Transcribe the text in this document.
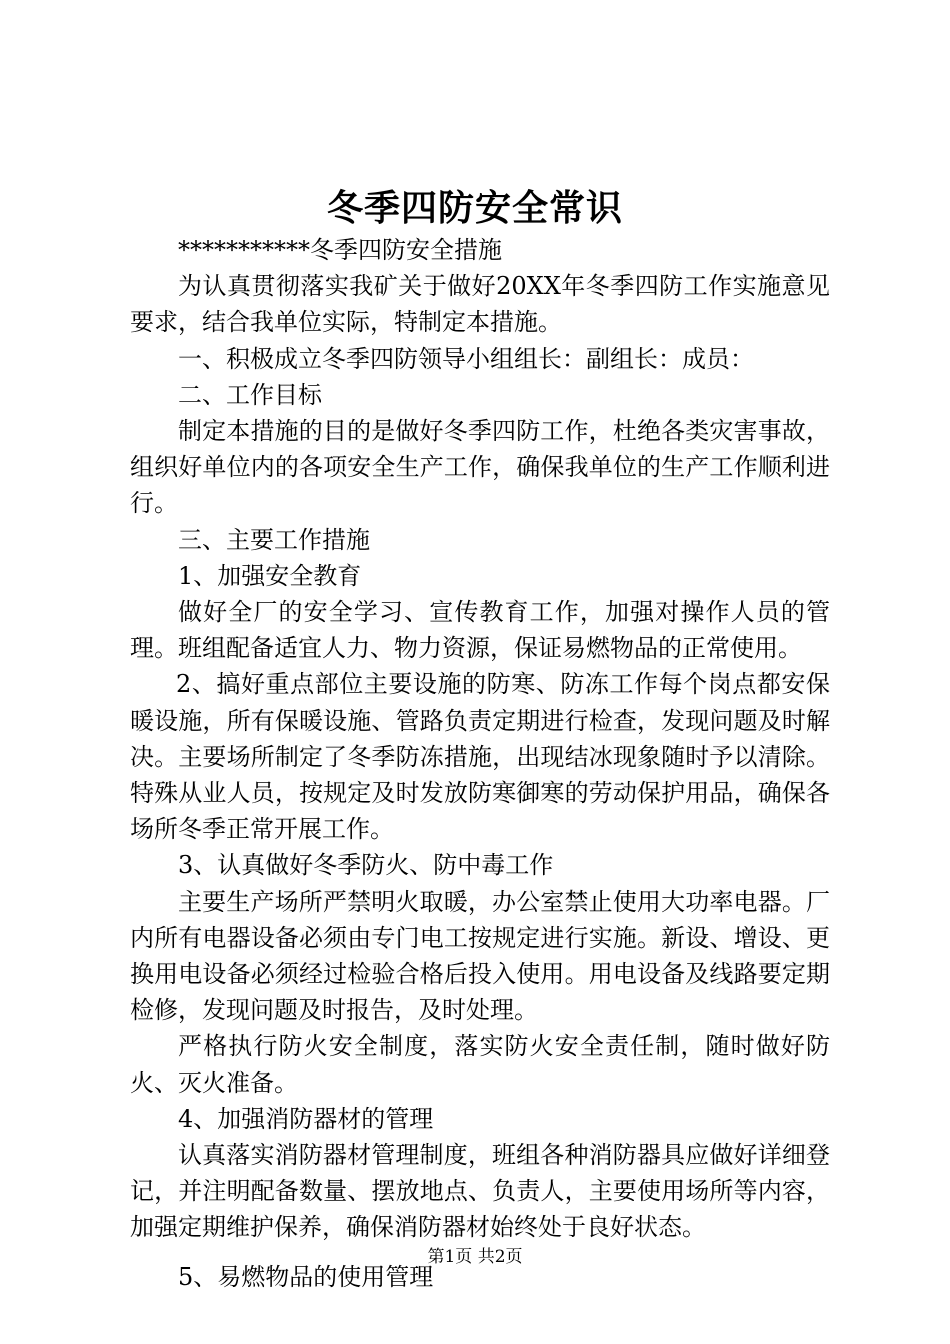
冬季四防安全常识

***********冬季四防安全措施

为认真贯彻落实我矿关于做好20XX年冬季四防工作实施意见要求，结合我单位实际，特制定本措施。

一、积极成立冬季四防领导小组组长：副组长：成员：

二、工作目标

制定本措施的目的是做好冬季四防工作，杜绝各类灾害事故，组织好单位内的各项安全生产工作，确保我单位的生产工作顺利进行。

三、主要工作措施

1、加强安全教育

做好全厂的安全学习、宣传教育工作，加强对操作人员的管理。班组配备适宜人力、物力资源，保证易燃物品的正常使用。

2、搞好重点部位主要设施的防寒、防冻工作每个岗点都安保暖设施，所有保暖设施、管路负责定期进行检查，发现问题及时解决。主要场所制定了冬季防冻措施，出现结冰现象随时予以清除。特殊从业人员，按规定及时发放防寒御寒的劳动保护用品，确保各场所冬季正常开展工作。

3、认真做好冬季防火、防中毒工作

主要生产场所严禁明火取暖，办公室禁止使用大功率电器。厂内所有电器设备必须由专门电工按规定进行实施。新设、增设、更换用电设备必须经过检验合格后投入使用。用电设备及线路要定期检修，发现问题及时报告，及时处理。

严格执行防火安全制度，落实防火安全责任制，随时做好防火、灭火准备。

4、加强消防器材的管理

认真落实消防器材管理制度，班组各种消防器具应做好详细登记，并注明配备数量、摆放地点、负责人，主要使用场所等内容，加强定期维护保养，确保消防器材始终处于良好状态。

5、易燃物品的使用管理

第1页 共2页
